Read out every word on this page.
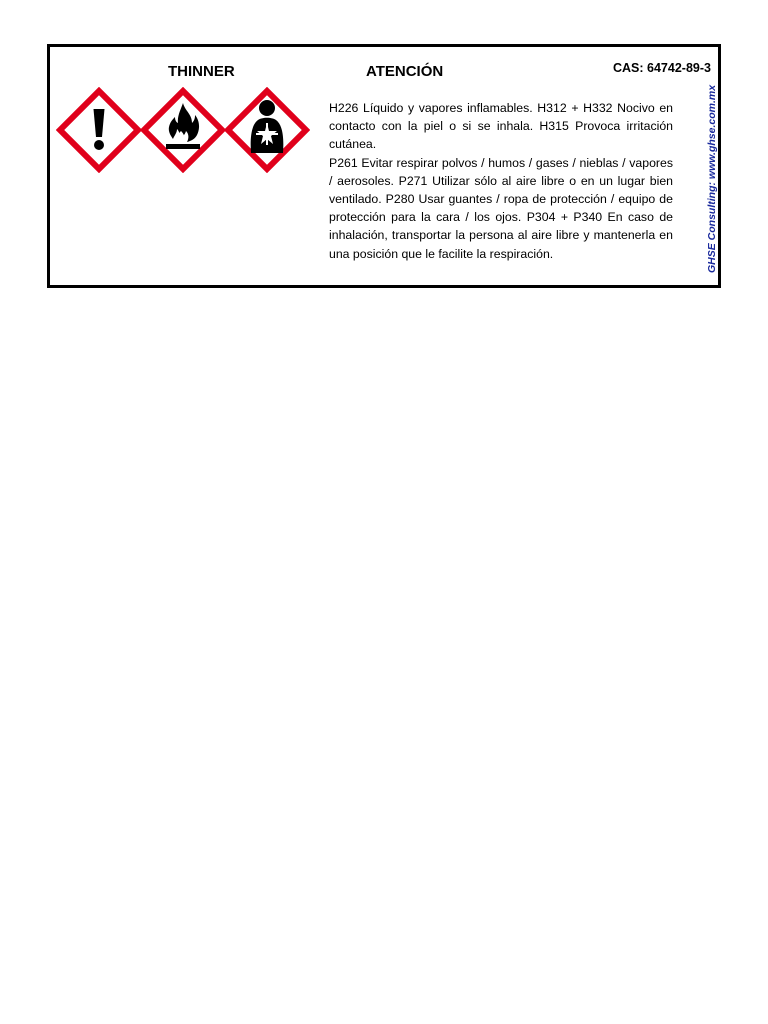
THINNER	ATENCIÓN	CAS: 64742-89-3

H226 Líquido y vapores inflamables. H312 + H332 Nocivo en contacto con la piel o si se inhala. H315 Provoca irritación cutánea.

P261 Evitar respirar polvos / humos / gases / nieblas / vapores / aerosoles. P271 Utilizar sólo al aire libre o en un lugar bien ventilado. P280 Usar guantes / ropa de protección / equipo de protección para la cara / los ojos. P304 + P340 En caso de inhalación, transportar la persona al aire libre y mantenerla en una posición que le facilite la respiración.	GHSE Consulting: www.ghse.com.mx
